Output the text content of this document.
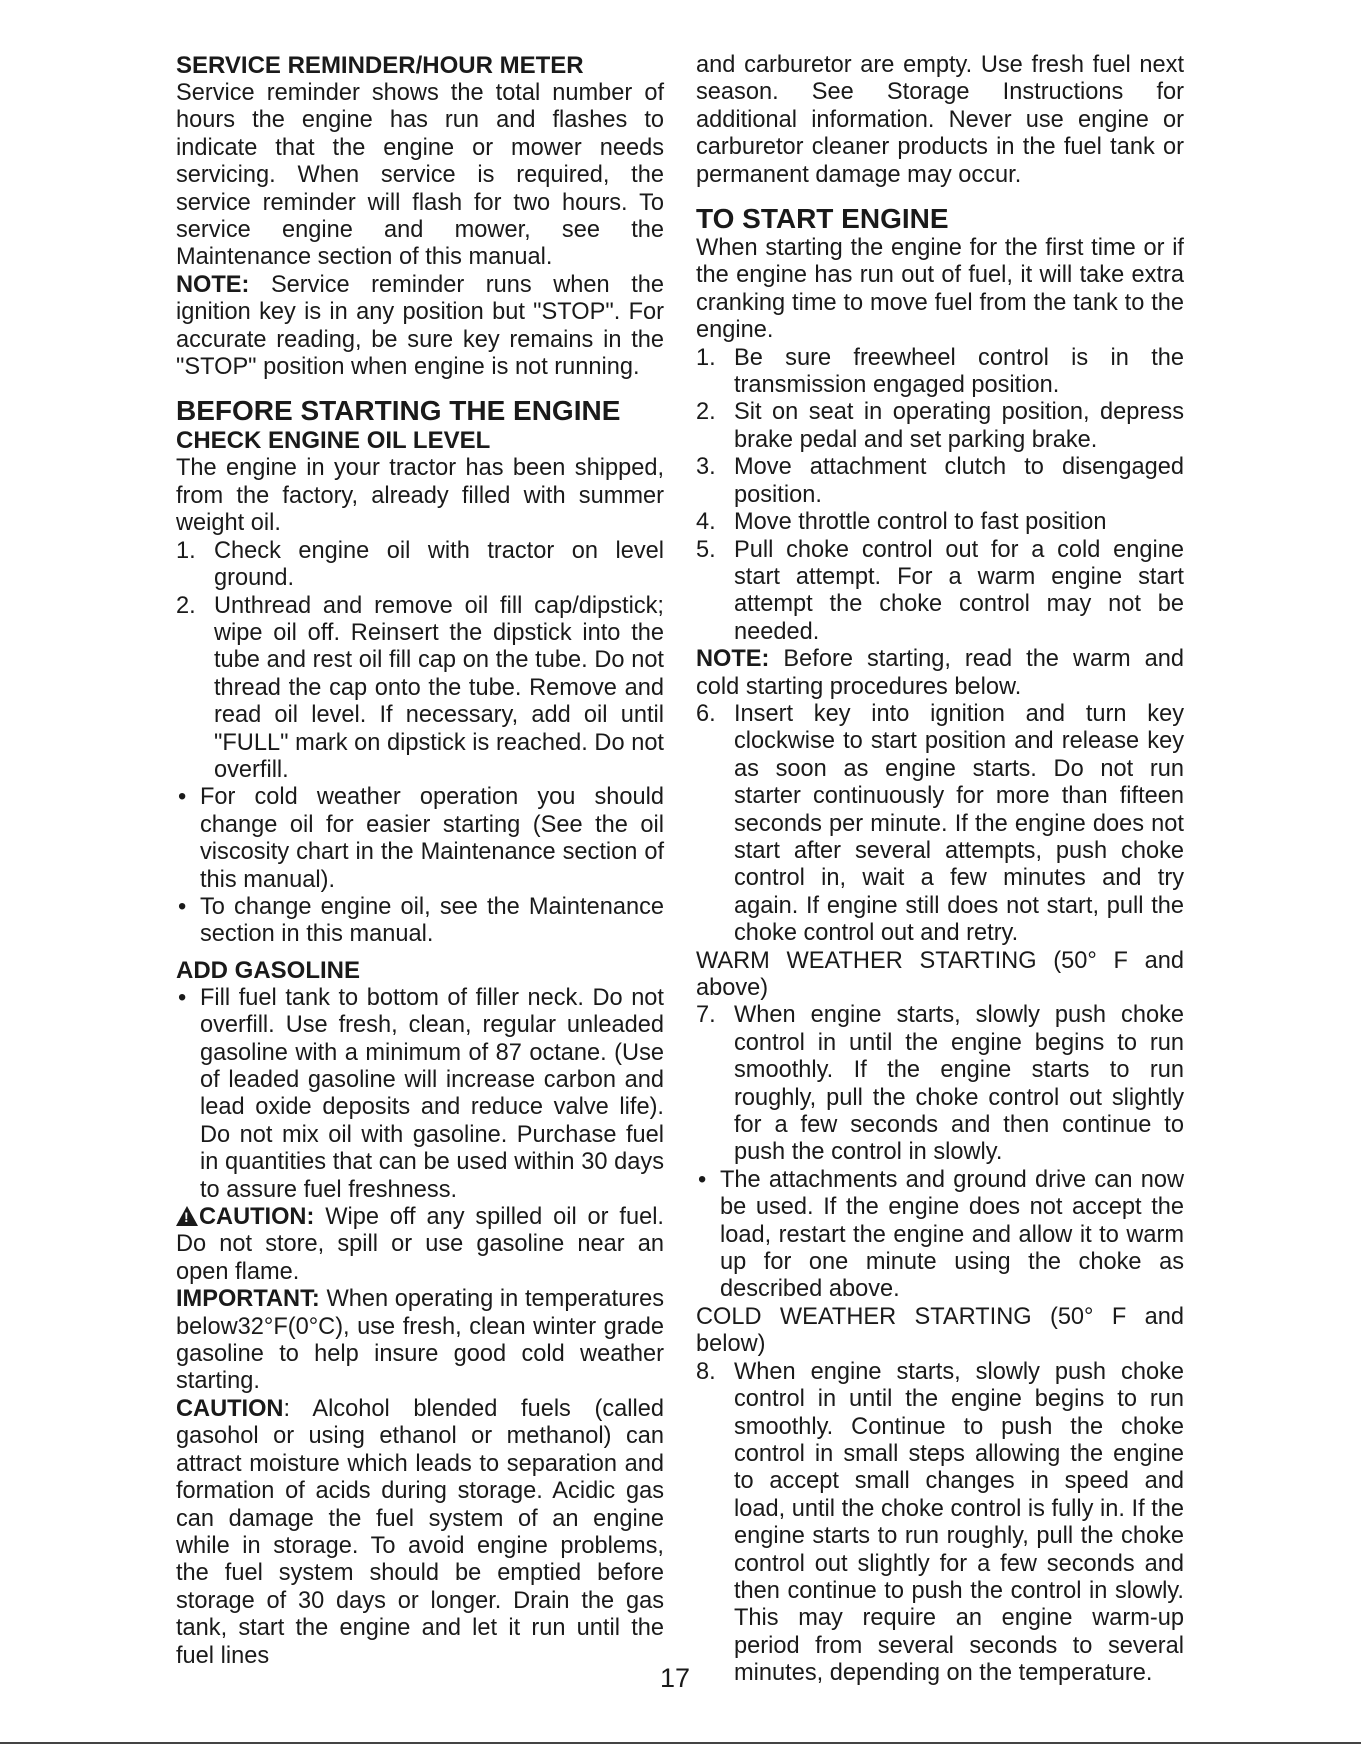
SERVICE REMINDER/HOUR METER

Service reminder shows the total number of hours the engine has run and flashes to indicate that the engine or mower needs servicing. When service is required, the service reminder will flash for two hours. To service engine and mower, see the Maintenance section of this manual.

NOTE: Service reminder runs when the ignition key is in any position but "STOP". For accurate reading, be sure key remains in the "STOP" position when engine is not running.

BEFORE STARTING THE ENGINE
CHECK ENGINE OIL LEVEL

The engine in your tractor has been shipped, from the factory, already filled with summer weight oil.

1. Check engine oil with tractor on level ground.
2. Unthread and remove oil fill cap/dipstick; wipe oil off. Reinsert the dipstick into the tube and rest oil fill cap on the tube. Do not thread the cap onto the tube. Remove and read oil level. If necessary, add oil until "FULL" mark on dipstick is reached. Do not overfill.
• For cold weather operation you should change oil for easier starting (See the oil viscosity chart in the Maintenance section of this manual).
• To change engine oil, see the Maintenance section in this manual.
ADD GASOLINE
• Fill fuel tank to bottom of filler neck. Do not overfill. Use fresh, clean, regular unleaded gasoline with a minimum of 87 octane. (Use of leaded gasoline will increase carbon and lead oxide deposits and reduce valve life). Do not mix oil with gasoline. Purchase fuel in quantities that can be used within 30 days to assure fuel freshness.

!CAUTION: Wipe off any spilled oil or fuel. Do not store, spill or use gasoline near an open flame.

IMPORTANT: When operating in temperatures below32°F(0°C), use fresh, clean winter grade gasoline to help insure good cold weather starting.

CAUTION: Alcohol blended fuels (called gasohol or using ethanol or methanol) can attract moisture which leads to separation and formation of acids during storage. Acidic gas can damage the fuel system of an engine while in storage. To avoid engine problems, the fuel system should be emptied before storage of 30 days or longer. Drain the gas tank, start the engine and let it run until the fuel lines

and carburetor are empty. Use fresh fuel next season. See Storage Instructions for additional information. Never use engine or carburetor cleaner products in the fuel tank or permanent damage may occur.

TO START ENGINE

When starting the engine for the first time or if the engine has run out of fuel, it will take extra cranking time to move fuel from the tank to the engine.

1. Be sure freewheel control is in the transmission engaged position.
2. Sit on seat in operating position, depress brake pedal and set parking brake.
3. Move attachment clutch to disengaged position.
4. Move throttle control to fast position
5. Pull choke control out for a cold engine start attempt. For a warm engine start attempt the choke control may not be needed.

NOTE: Before starting, read the warm and cold starting procedures below.

6. Insert key into ignition and turn key clockwise to start position and release key as soon as engine starts. Do not run starter continuously for more than fifteen seconds per minute. If the engine does not start after several attempts, push choke control in, wait a few minutes and try again. If engine still does not start, pull the choke control out and retry.

WARM WEATHER STARTING (50° F and above)

7. When engine starts, slowly push choke control in until the engine begins to run smoothly. If the engine starts to run roughly, pull the choke control out slightly for a few seconds and then continue to push the control in slowly.
• The attachments and ground drive can now be used. If the engine does not accept the load, restart the engine and allow it to warm up for one minute using the choke as described above.

COLD WEATHER STARTING (50° F and below)

8. When engine starts, slowly push choke control in until the engine begins to run smoothly. Continue to push the choke control in small steps allowing the engine to accept small changes in speed and load, until the choke control is fully in. If the engine starts to run roughly, pull the choke control out slightly for a few seconds and then continue to push the control in slowly. This may require an engine warm-up period from several seconds to several minutes, depending on the temperature.
17
